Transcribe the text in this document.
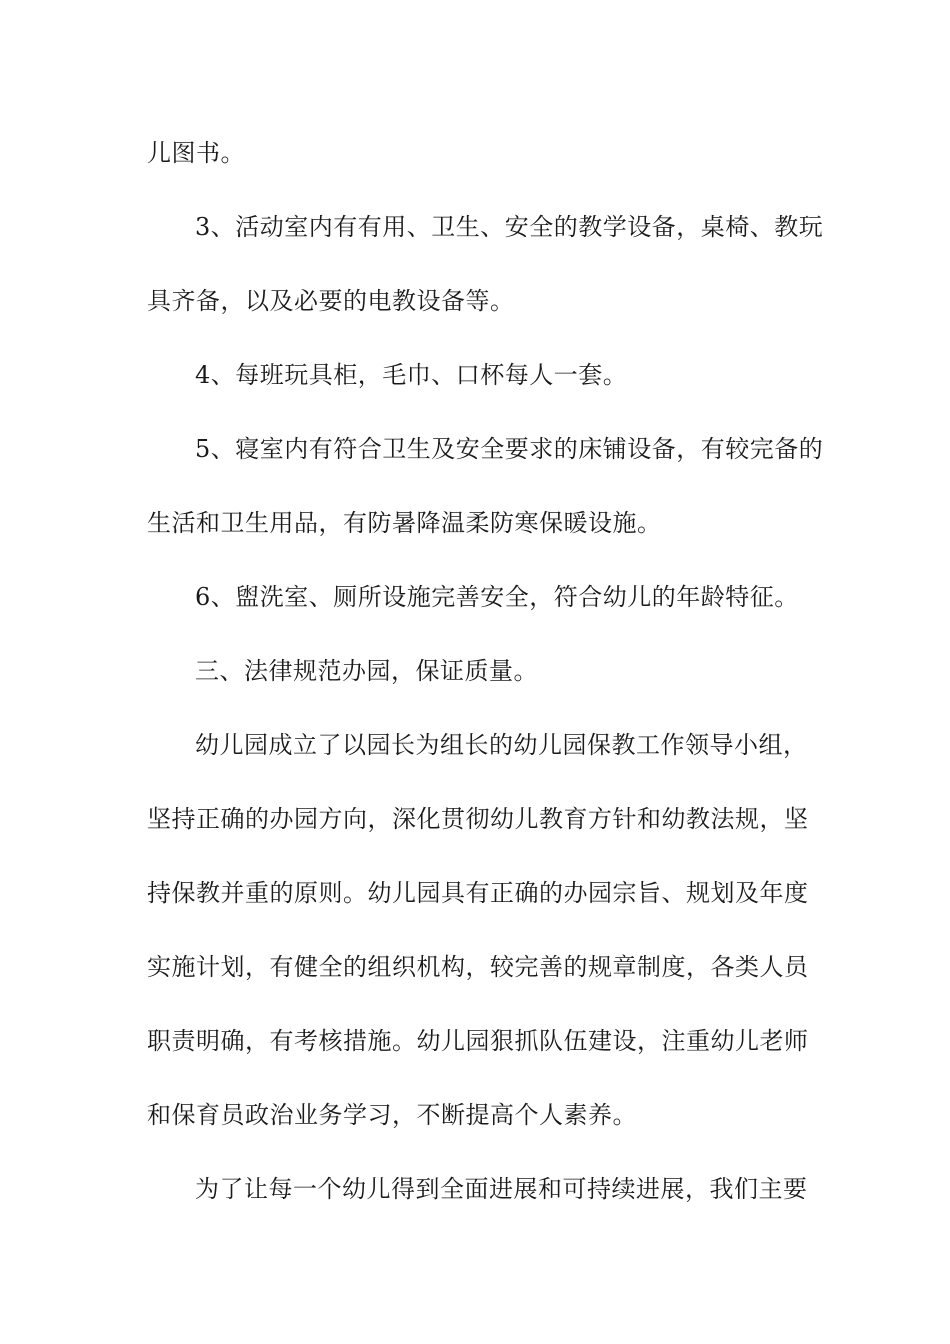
儿图书。
3、活动室内有有用、卫生、安全的教学设备，桌椅、教玩
具齐备，以及必要的电教设备等。
4、每班玩具柜，毛巾、口杯每人一套。
5、寝室内有符合卫生及安全要求的床铺设备，有较完备的
生活和卫生用品，有防暑降温柔防寒保暖设施。
6、盥洗室、厕所设施完善安全，符合幼儿的年龄特征。
三、法律规范办园，保证质量。
幼儿园成立了以园长为组长的幼儿园保教工作领导小组，
坚持正确的办园方向，深化贯彻幼儿教育方针和幼教法规，坚
持保教并重的原则。幼儿园具有正确的办园宗旨、规划及年度
实施计划，有健全的组织机构，较完善的规章制度，各类人员
职责明确，有考核措施。幼儿园狠抓队伍建设，注重幼儿老师
和保育员政治业务学习，不断提高个人素养。
为了让每一个幼儿得到全面进展和可持续进展，我们主要
